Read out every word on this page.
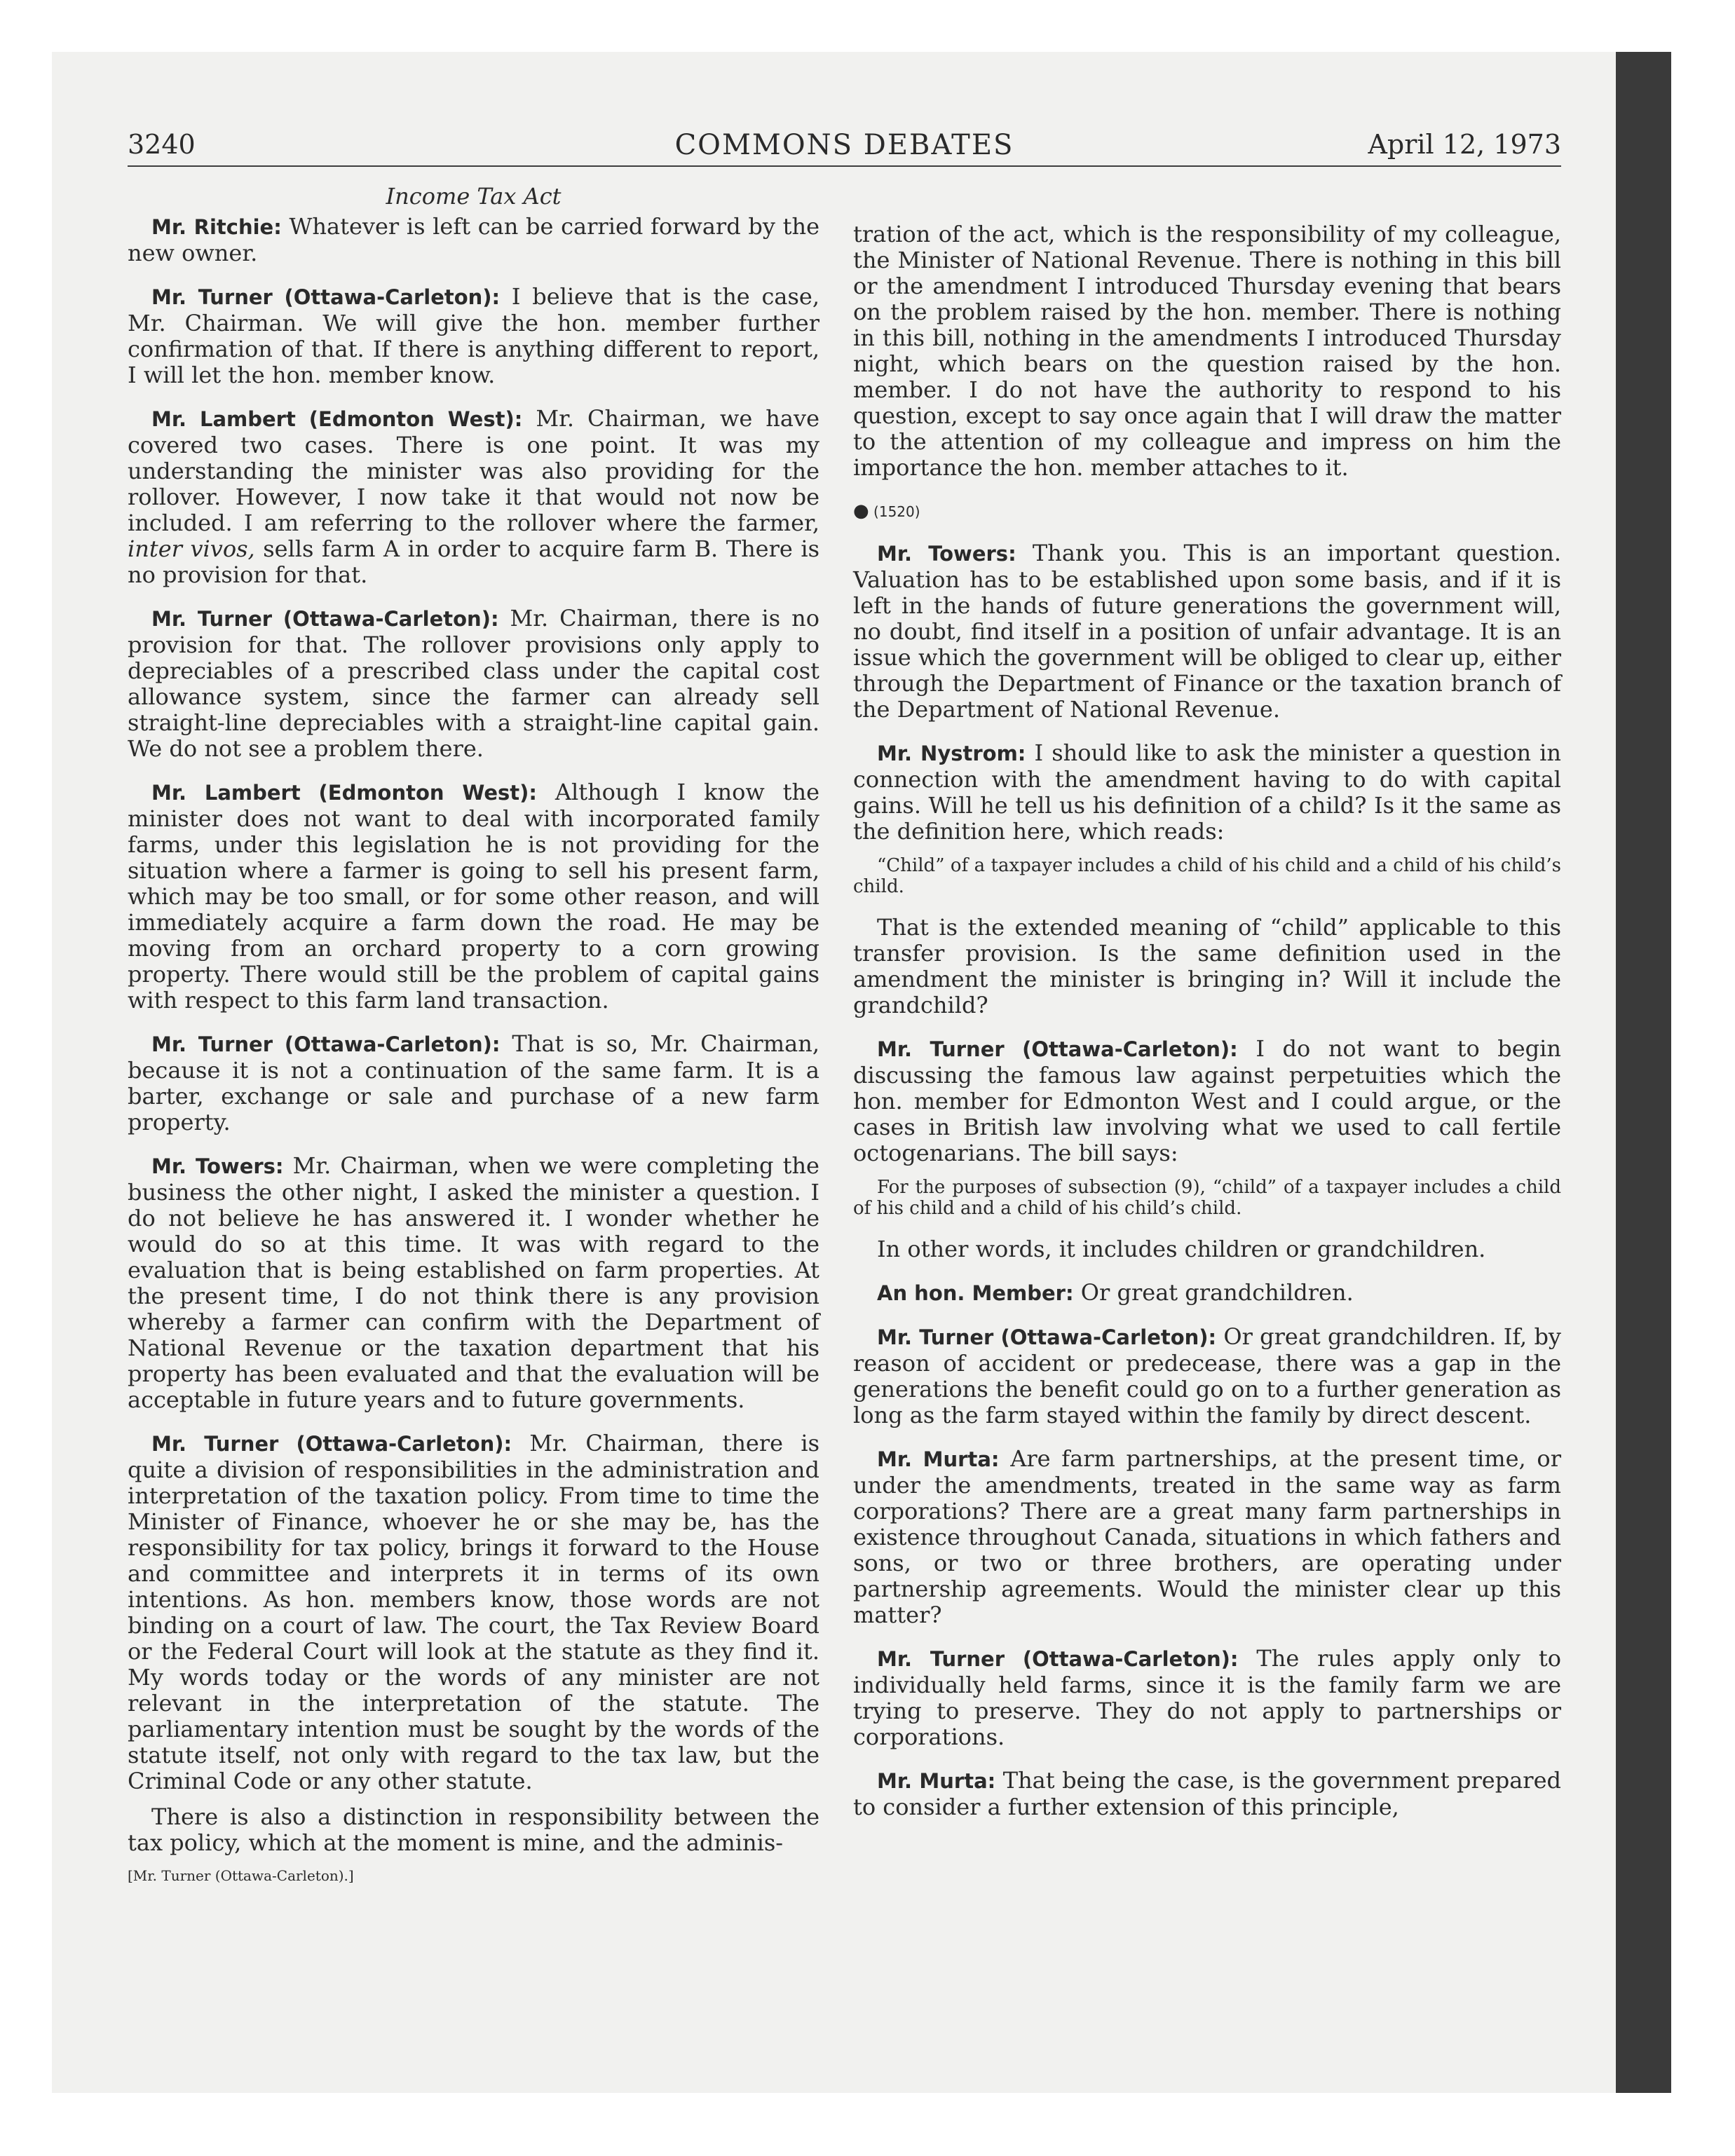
3240	COMMONS DEBATES	April 12, 1973
Income Tax Act

Mr. Ritchie: Whatever is left can be carried forward by the new owner.

Mr. Turner (Ottawa-Carleton): I believe that is the case, Mr. Chairman. We will give the hon. member further confirmation of that. If there is anything different to report, I will let the hon. member know.

Mr. Lambert (Edmonton West): Mr. Chairman, we have covered two cases. There is one point. It was my understanding the minister was also providing for the rollover. However, I now take it that would not now be included. I am referring to the rollover where the farmer, inter vivos, sells farm A in order to acquire farm B. There is no provision for that.

Mr. Turner (Ottawa-Carleton): Mr. Chairman, there is no provision for that. The rollover provisions only apply to depreciables of a prescribed class under the capital cost allowance system, since the farmer can already sell straight-line depreciables with a straight-line capital gain. We do not see a problem there.

Mr. Lambert (Edmonton West): Although I know the minister does not want to deal with incorporated family farms, under this legislation he is not providing for the situation where a farmer is going to sell his present farm, which may be too small, or for some other reason, and will immediately acquire a farm down the road. He may be moving from an orchard property to a corn growing property. There would still be the problem of capital gains with respect to this farm land transaction.

Mr. Turner (Ottawa-Carleton): That is so, Mr. Chairman, because it is not a continuation of the same farm. It is a barter, exchange or sale and purchase of a new farm property.

Mr. Towers: Mr. Chairman, when we were completing the business the other night, I asked the minister a question. I do not believe he has answered it. I wonder whether he would do so at this time. It was with regard to the evaluation that is being established on farm properties. At the present time, I do not think there is any provision whereby a farmer can confirm with the Department of National Revenue or the taxation department that his property has been evaluated and that the evaluation will be acceptable in future years and to future governments.

Mr. Turner (Ottawa-Carleton): Mr. Chairman, there is quite a division of responsibilities in the administration and interpretation of the taxation policy. From time to time the Minister of Finance, whoever he or she may be, has the responsibility for tax policy, brings it forward to the House and committee and interprets it in terms of its own intentions. As hon. members know, those words are not binding on a court of law. The court, the Tax Review Board or the Federal Court will look at the statute as they find it. My words today or the words of any minister are not relevant in the interpretation of the statute. The parliamentary intention must be sought by the words of the statute itself, not only with regard to the tax law, but the Criminal Code or any other statute.

There is also a distinction in responsibility between the tax policy, which at the moment is mine, and the adminis-

[Mr. Turner (Ottawa-Carleton).]

tration of the act, which is the responsibility of my colleague, the Minister of National Revenue. There is nothing in this bill or the amendment I introduced Thursday evening that bears on the problem raised by the hon. member. There is nothing in this bill, nothing in the amendments I introduced Thursday night, which bears on the question raised by the hon. member. I do not have the authority to respond to his question, except to say once again that I will draw the matter to the attention of my colleague and impress on him the importance the hon. member attaches to it.

● (1520)

Mr. Towers: Thank you. This is an important question. Valuation has to be established upon some basis, and if it is left in the hands of future generations the government will, no doubt, find itself in a position of unfair advantage. It is an issue which the government will be obliged to clear up, either through the Department of Finance or the taxation branch of the Department of National Revenue.

Mr. Nystrom: I should like to ask the minister a question in connection with the amendment having to do with capital gains. Will he tell us his definition of a child? Is it the same as the definition here, which reads:

“Child” of a taxpayer includes a child of his child and a child of his child’s child.

That is the extended meaning of “child” applicable to this transfer provision. Is the same definition used in the amendment the minister is bringing in? Will it include the grandchild?

Mr. Turner (Ottawa-Carleton): I do not want to begin discussing the famous law against perpetuities which the hon. member for Edmonton West and I could argue, or the cases in British law involving what we used to call fertile octogenarians. The bill says:

For the purposes of subsection (9), “child” of a taxpayer includes a child of his child and a child of his child’s child.

In other words, it includes children or grandchildren.

An hon. Member: Or great grandchildren.

Mr. Turner (Ottawa-Carleton): Or great grandchildren. If, by reason of accident or predecease, there was a gap in the generations the benefit could go on to a further generation as long as the farm stayed within the family by direct descent.

Mr. Murta: Are farm partnerships, at the present time, or under the amendments, treated in the same way as farm corporations? There are a great many farm partnerships in existence throughout Canada, situations in which fathers and sons, or two or three brothers, are operating under partnership agreements. Would the minister clear up this matter?

Mr. Turner (Ottawa-Carleton): The rules apply only to individually held farms, since it is the family farm we are trying to preserve. They do not apply to partnerships or corporations.

Mr. Murta: That being the case, is the government prepared to consider a further extension of this principle,
